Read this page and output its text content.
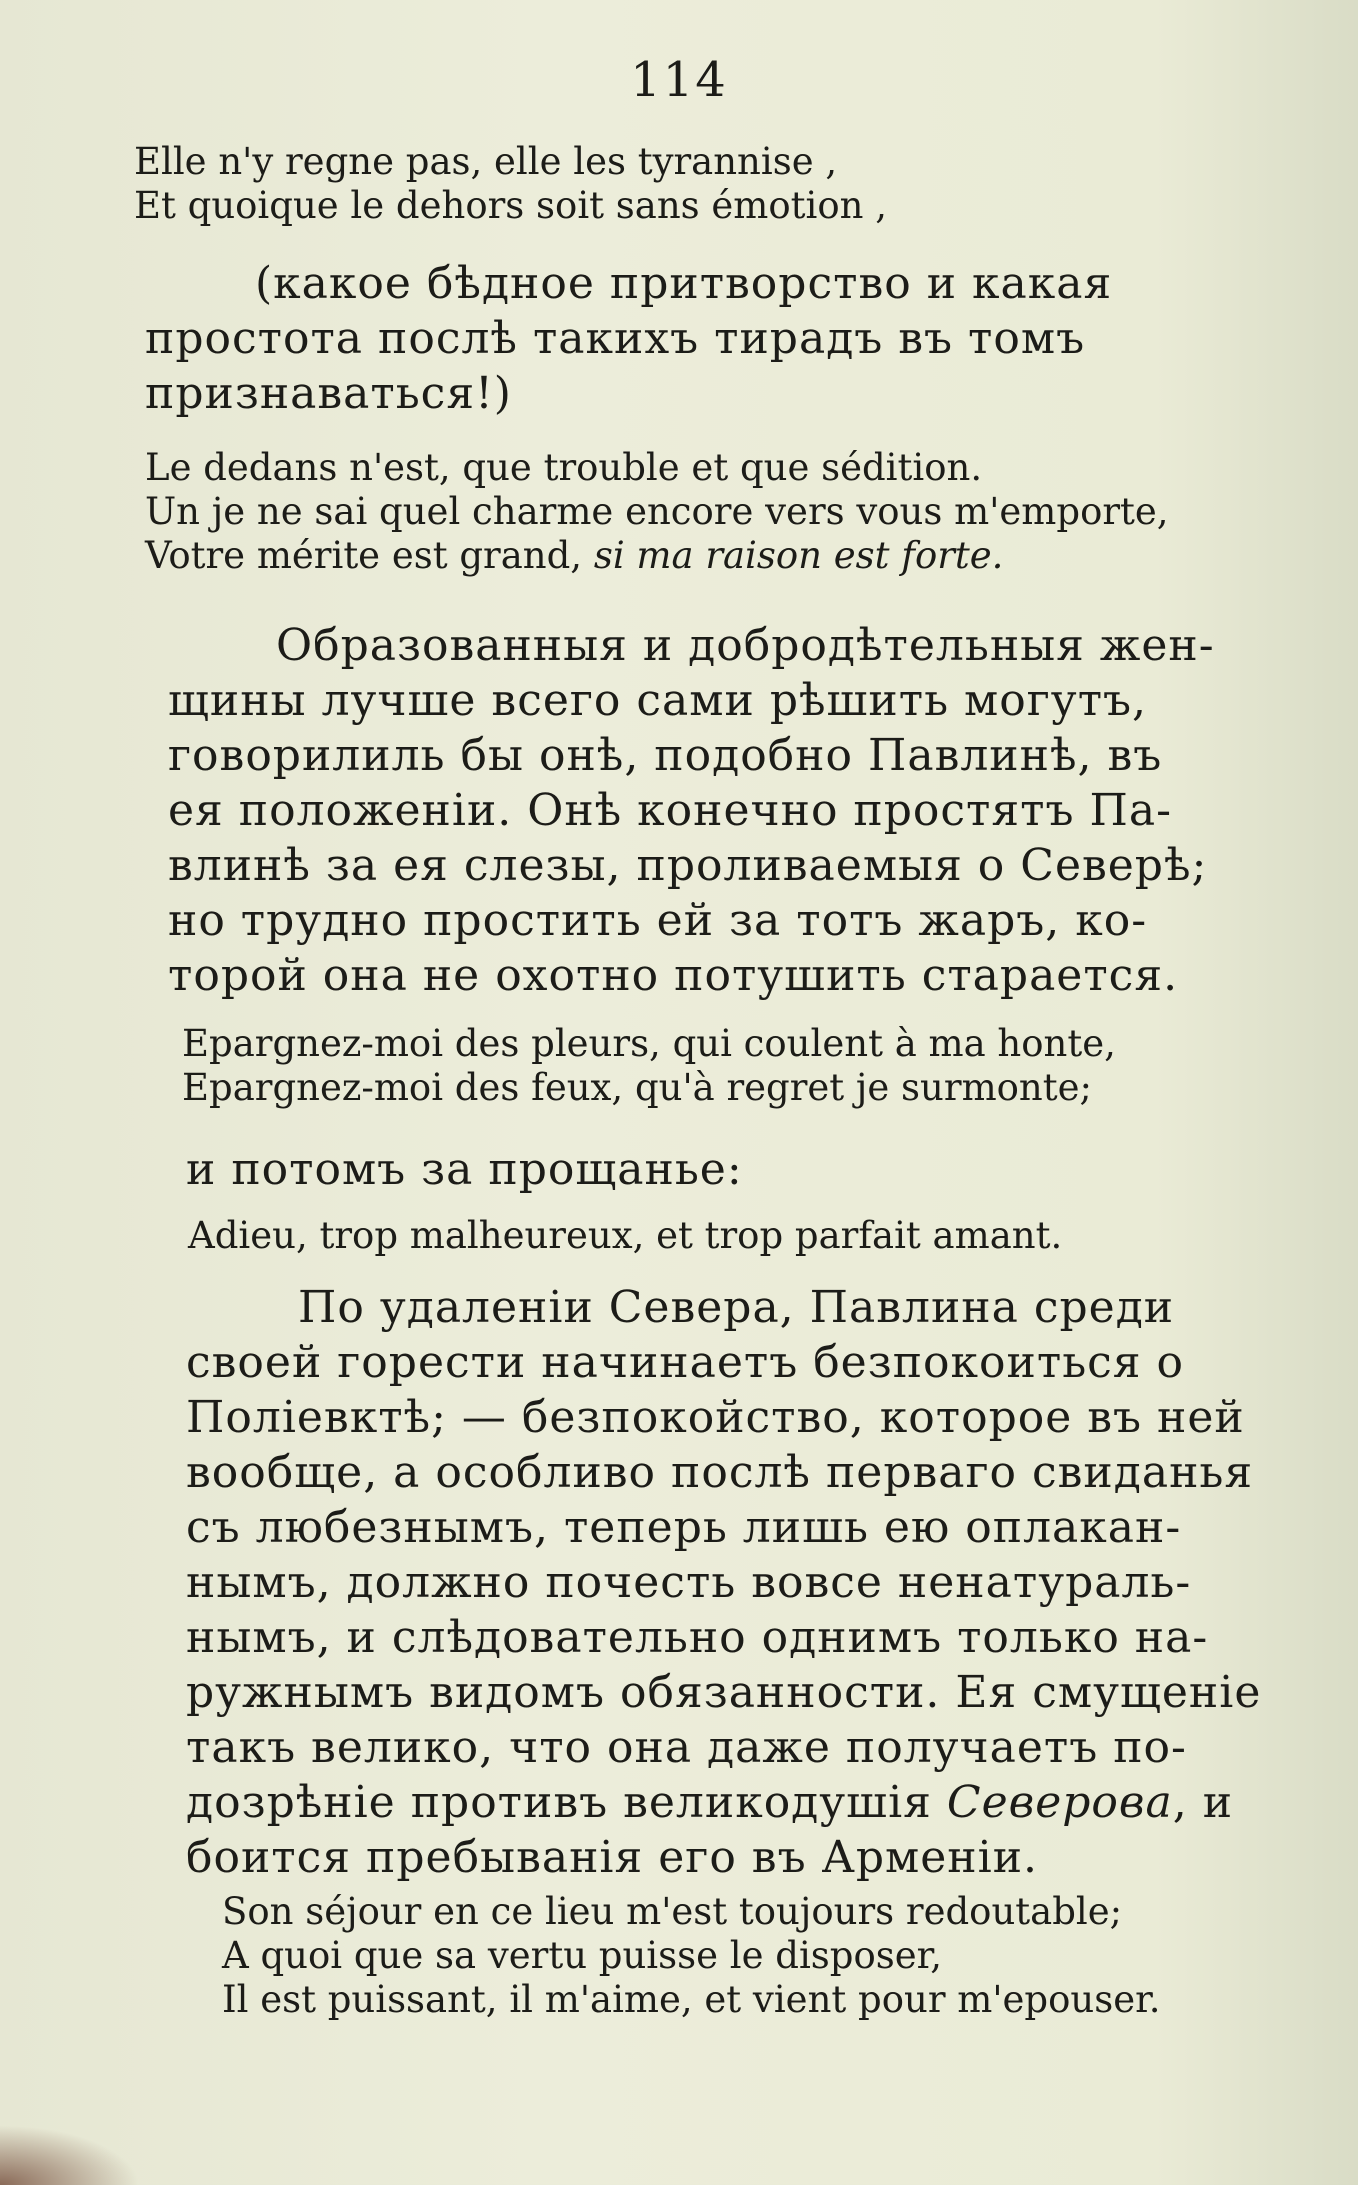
114
Elle n'y regne pas, elle les tyrannise ,
Et quoique le dehors soit sans émotion ,
(какое бѣдное притворство и какая
простота послѣ такихъ тирадъ въ томъ
признаваться!)
Le dedans n'est, que trouble et que sédition.
Un je ne sai quel charme encore vers vous m'emporte,
Votre mérite est grand, si ma raison est forte.
Образованныя и добродѣтельныя жен-
щины лучше всего сами рѣшить могутъ,
говорилиль бы онѣ, подобно Павлинѣ, въ
ея положеніи. Онѣ конечно простятъ Па-
влинѣ за ея слезы, проливаемыя о Северѣ;
но трудно простить ей за тотъ жаръ, ко-
торой она не охотно потушить старается.
Epargnez-moi des pleurs, qui coulent à ma honte,
Epargnez-moi des feux, qu'à regret je surmonte;
и потомъ за прощанье:
Adieu, trop malheureux, et trop parfait amant.
По удаленіи Севера, Павлина среди
своей горести начинаетъ безпокоиться о
Поліевктѣ; — безпокойство, которое въ ней
вообще, а особливо послѣ перваго свиданья
съ любезнымъ, теперь лишь ею оплакан-
нымъ, должно почесть вовсе ненатураль-
нымъ, и слѣдовательно однимъ только на-
ружнымъ видомъ обязанности. Ея смущеніе
такъ велико, что она даже получаетъ по-
дозрѣніе противъ великодушія Северова, и
боится пребыванія его въ Арменіи.
Son séjour en ce lieu m'est toujours redoutable;
A quoi que sa vertu puisse le disposer,
Il est puissant, il m'aime, et vient pour m'epouser.
